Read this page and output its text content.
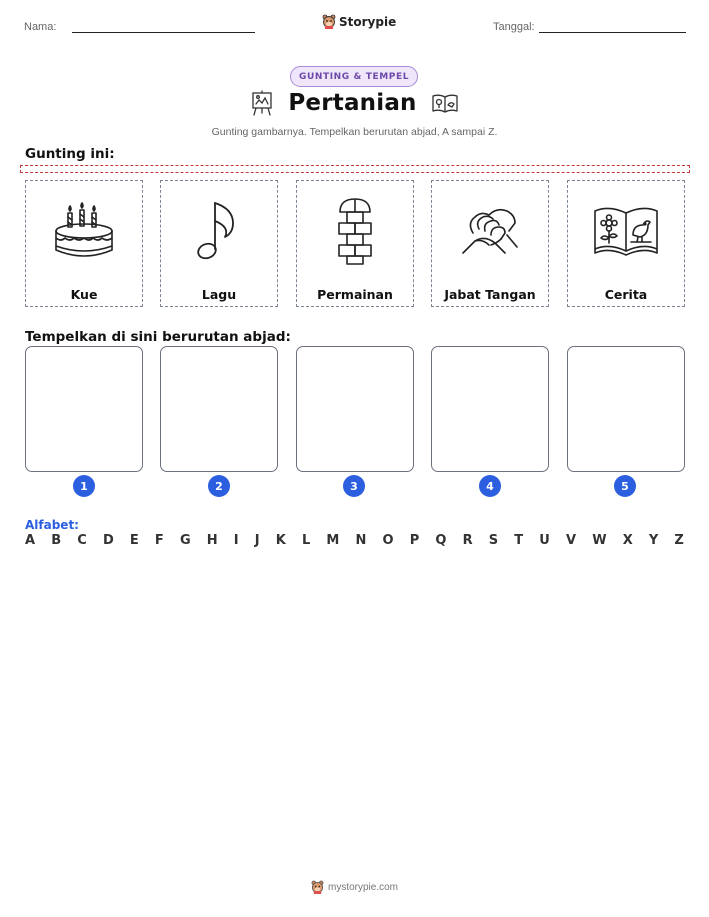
Nama:	Storypie	Tanggal:
GUNTING & TEMPEL
Pertanian
Gunting gambarnya. Tempelkan berurutan abjad, A sampai Z.
Gunting ini:
Kue	Lagu	Permainan	Jabat Tangan	Cerita
Tempelkan di sini berurutan abjad:
1	2	3	4	5
Alfabet:
A B C D E F G H I J K L M N O P Q R S T U V W X Y Z
mystorypie.com
